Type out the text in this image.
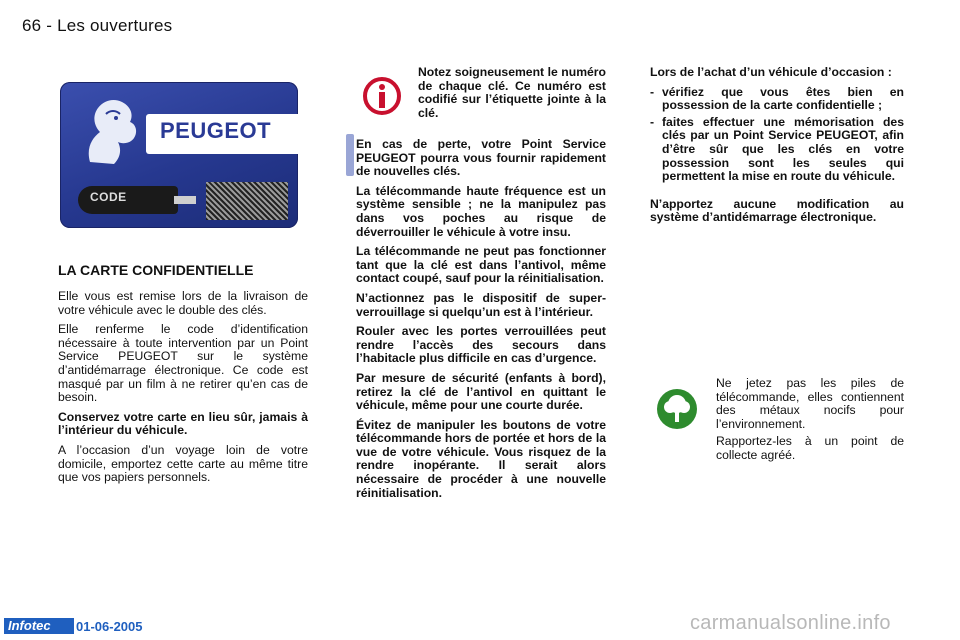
66 - Les ouvertures
PEUGEOT
CODE
LA CARTE CONFIDENTIELLE

Elle vous est remise lors de la livraison de votre véhicule avec le double des clés.

Elle renferme le code d’identification nécessaire à toute intervention par un Point Service PEUGEOT sur le système d’antidémarrage électronique. Ce code est masqué par un film à ne retirer qu’en cas de besoin.

Conservez votre carte en lieu sûr, jamais à l’intérieur du véhicule.

A l’occasion d’un voyage loin de votre domicile, emportez cette carte au même titre que vos papiers personnels.

Notez soigneusement le numéro de chaque clé. Ce numéro est codifié sur l’étiquette jointe à la clé.

En cas de perte, votre Point Service PEUGEOT pourra vous fournir rapidement de nouvelles clés.

La télécommande haute fréquence est un système sensible ; ne la manipulez pas dans vos poches au risque de déverrouiller le véhicule à votre insu.

La télécommande ne peut pas fonctionner tant que la clé est dans l’antivol, même contact coupé, sauf pour la réinitialisation.

N’actionnez pas le dispositif de super-verrouillage si quelqu’un est à l’intérieur.

Rouler avec les portes verrouillées peut rendre l’accès des secours dans l’habitacle plus difficile en cas d’urgence.

Par mesure de sécurité (enfants à bord), retirez la clé de l’antivol en quittant le véhicule, même pour une courte durée.

Évitez de manipuler les boutons de votre télécommande hors de portée et hors de la vue de votre véhicule. Vous risquez de la rendre inopérante. Il serait alors nécessaire de procéder à une nouvelle réinitialisation.

Lors de l’achat d’un véhicule d’occasion :

- vérifiez que vous êtes bien en possession de la carte confidentielle ;
- faites effectuer une mémorisation des clés par un Point Service PEUGEOT, afin d’être sûr que les clés en votre possession sont les seules qui permettent la mise en route du véhicule.

N’apportez aucune modification au système d’antidémarrage électronique.

Ne jetez pas les piles de télécommande, elles contiennent des métaux nocifs pour l’environnement.

Rapportez-les à un point de collecte agréé.

Infotec	01-06-2005	carmanualsonline.info
